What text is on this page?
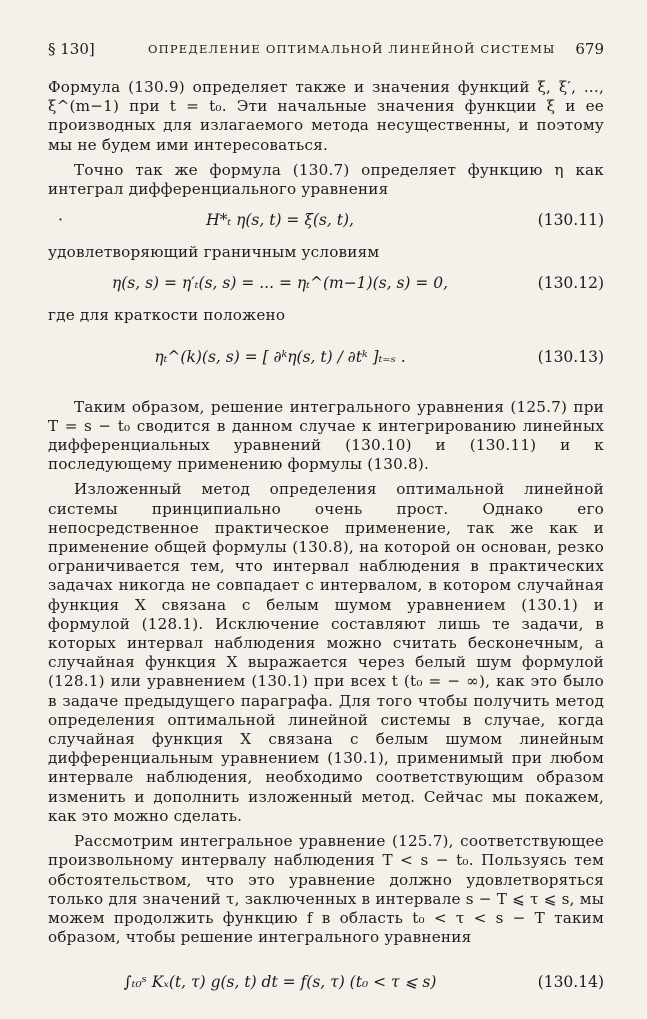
§ 130]	ОПРЕДЕЛЕНИЕ ОПТИМАЛЬНОЙ ЛИНЕЙНОЙ СИСТЕМЫ 679

Формула (130.9) определяет также и значения функций ξ, ξ′, ..., ξ^(m−1) при t = t₀. Эти начальные значения функции ξ и ее производных для излагаемого метода несущественны, и поэтому мы не будем ими интересоваться.

Точно так же формула (130.7) определяет функцию η как интеграл дифференциального уравнения

·	H*ₜ η(s, t) = ξ(s, t),	(130.11)

удовлетворяющий граничным условиям

η(s, s) = η′ₜ(s, s) = ... = ηₜ^(m−1)(s, s) = 0,	(130.12)

где для краткости положено

ηₜ^(k)(s, s) = [ ∂ᵏη(s, t) / ∂tᵏ ]ₜ₌ₛ .	(130.13)

Таким образом, решение интегрального уравнения (125.7) при T = s − t₀ сводится в данном случае к интегрированию линейных дифференциальных уравнений (130.10) и (130.11) и к последующему применению формулы (130.8).

Изложенный метод определения оптимальной линейной системы принципиально очень прост. Однако его непосредственное практическое применение, так же как и применение общей формулы (130.8), на которой он основан, резко ограничивается тем, что интервал наблюдения в практических задачах никогда не совпадает с интервалом, в котором случайная функция X связана с белым шумом уравнением (130.1) и формулой (128.1). Исключение составляют лишь те задачи, в которых интервал наблюдения можно считать бесконечным, а случайная функция X выражается через белый шум формулой (128.1) или уравнением (130.1) при всех t (t₀ = − ∞), как это было в задаче предыдущего параграфа. Для того чтобы получить метод определения оптимальной линейной системы в случае, когда случайная функция X связана с белым шумом линейным дифференциальным уравнением (130.1), применимый при любом интервале наблюдения, необходимо соответствующим образом изменить и дополнить изложенный метод. Сейчас мы покажем, как это можно сделать.

Рассмотрим интегральное уравнение (125.7), соответствующее произвольному интервалу наблюдения T < s − t₀. Пользуясь тем обстоятельством, что это уравнение должно удовлетворяться только для значений τ, заключенных в интервале s − T ⩽ τ ⩽ s, мы можем продолжить функцию f в область t₀ < τ < s − T таким образом, чтобы решение интегрального уравнения

∫ₜ₀ˢ Kₓ(t, τ) g(s, t) dt = f(s, τ) (t₀ < τ ⩽ s)	(130.14)
